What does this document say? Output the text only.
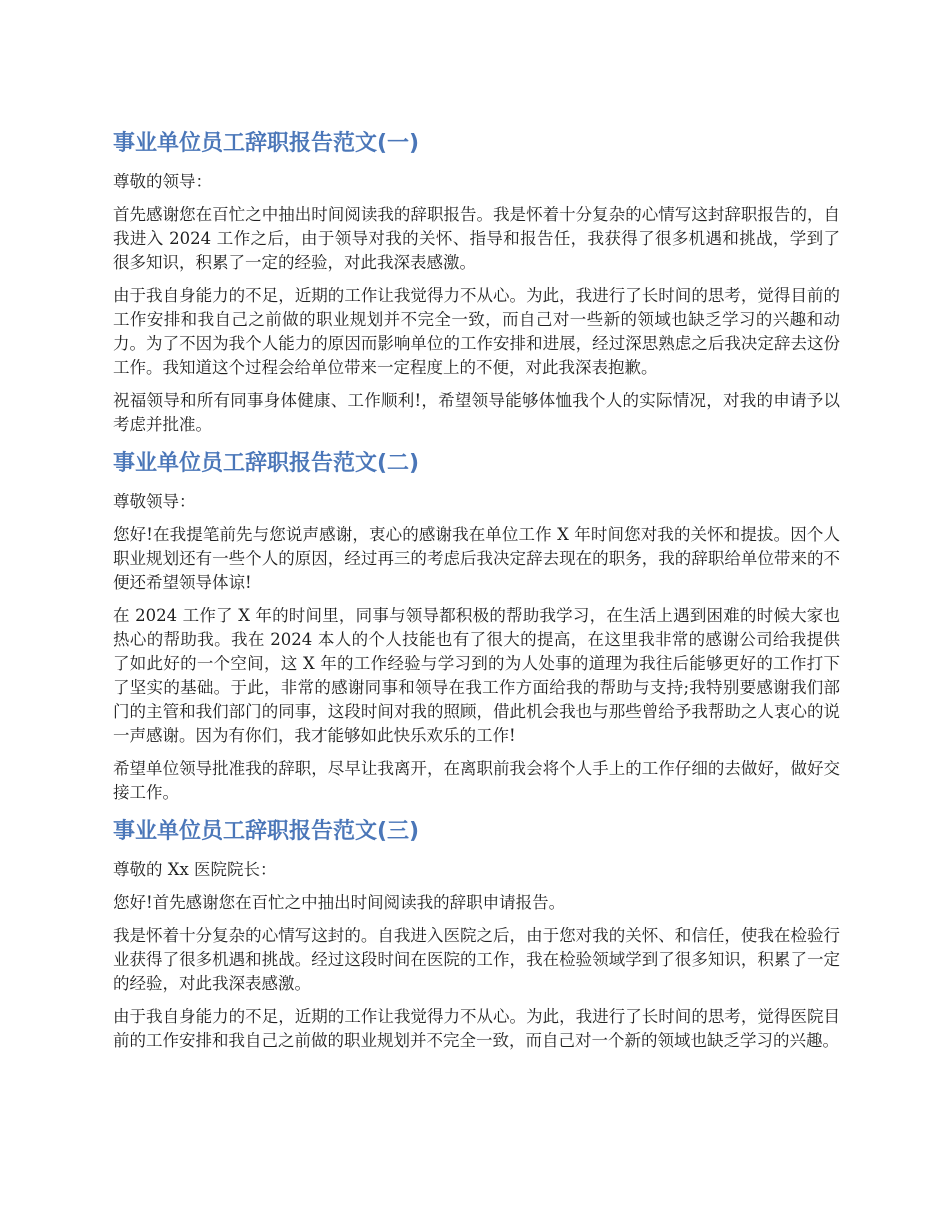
事业单位员工辞职报告范文(一)

尊敬的领导：

首先感谢您在百忙之中抽出时间阅读我的辞职报告。我是怀着十分复杂的心情写这封辞职报告的，自我进入 2024 工作之后，由于领导对我的关怀、指导和报告任，我获得了很多机遇和挑战，学到了很多知识，积累了一定的经验，对此我深表感激。

由于我自身能力的不足，近期的工作让我觉得力不从心。为此，我进行了长时间的思考，觉得目前的工作安排和我自己之前做的职业规划并不完全一致，而自己对一些新的领域也缺乏学习的兴趣和动力。为了不因为我个人能力的原因而影响单位的工作安排和进展，经过深思熟虑之后我决定辞去这份工作。我知道这个过程会给单位带来一定程度上的不便，对此我深表抱歉。

祝福领导和所有同事身体健康、工作顺利!，希望领导能够体恤我个人的实际情况，对我的申请予以考虑并批准。

事业单位员工辞职报告范文(二)

尊敬领导：

您好!在我提笔前先与您说声感谢，衷心的感谢我在单位工作 X 年时间您对我的关怀和提拔。因个人职业规划还有一些个人的原因，经过再三的考虑后我决定辞去现在的职务，我的辞职给单位带来的不便还希望领导体谅!

在 2024 工作了 X 年的时间里，同事与领导都积极的帮助我学习，在生活上遇到困难的时候大家也热心的帮助我。我在 2024 本人的个人技能也有了很大的提高，在这里我非常的感谢公司给我提供了如此好的一个空间，这 X 年的工作经验与学习到的为人处事的道理为我往后能够更好的工作打下了坚实的基础。于此，非常的感谢同事和领导在我工作方面给我的帮助与支持;我特别要感谢我们部门的主管和我们部门的同事，这段时间对我的照顾，借此机会我也与那些曾给予我帮助之人衷心的说一声感谢。因为有你们，我才能够如此快乐欢乐的工作!

希望单位领导批准我的辞职，尽早让我离开，在离职前我会将个人手上的工作仔细的去做好，做好交接工作。

事业单位员工辞职报告范文(三)

尊敬的 Xx 医院院长：

您好!首先感谢您在百忙之中抽出时间阅读我的辞职申请报告。

我是怀着十分复杂的心情写这封的。自我进入医院之后，由于您对我的关怀、和信任，使我在检验行业获得了很多机遇和挑战。经过这段时间在医院的工作，我在检验领域学到了很多知识，积累了一定的经验，对此我深表感激。

由于我自身能力的不足，近期的工作让我觉得力不从心。为此，我进行了长时间的思考，觉得医院目前的工作安排和我自己之前做的职业规划并不完全一致，而自己对一个新的领域也缺乏学习的兴趣。
